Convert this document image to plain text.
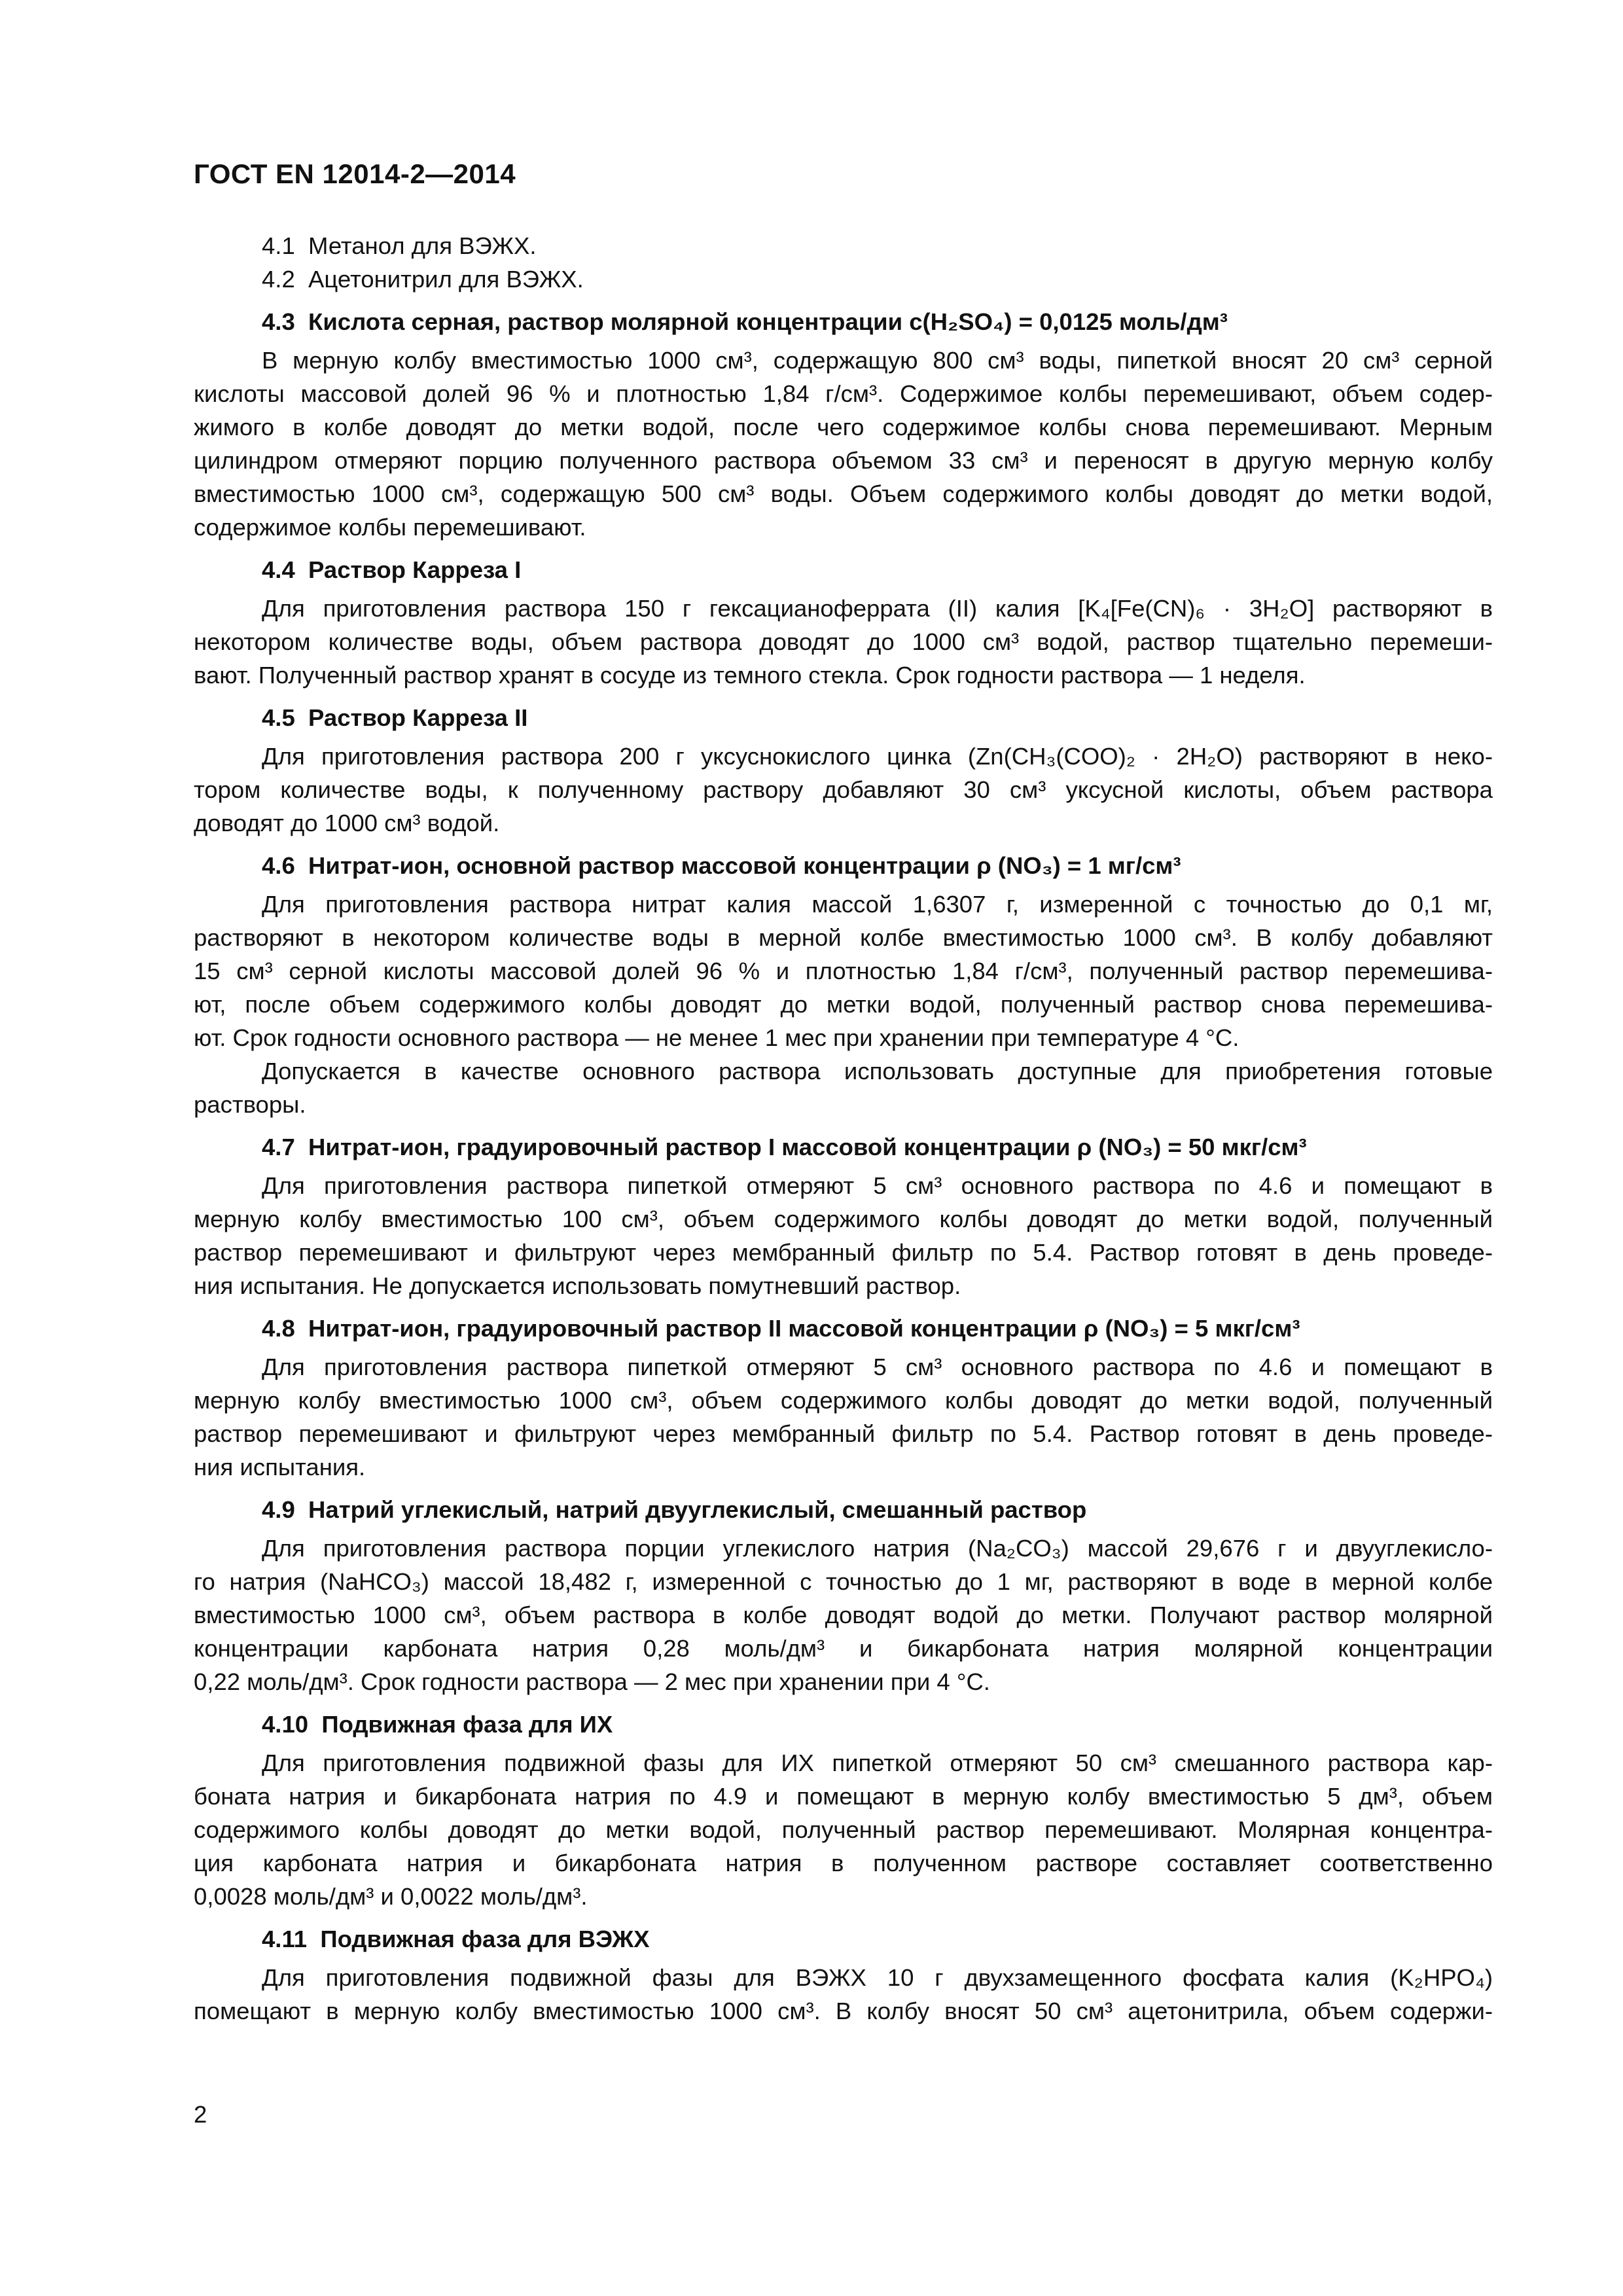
ГОСТ EN 12014-2—2014
4.1  Метанол для ВЭЖХ.
4.2  Ацетонитрил для ВЭЖХ.
4.3 Кислота серная, раствор молярной концентрации c(H₂SO₄) = 0,0125 моль/дм³
В мерную колбу вместимостью 1000 см³, содержащую 800 см³ воды, пипеткой вносят 20 см³ серной
кислоты массовой долей 96 % и плотностью 1,84 г/см³. Содержимое колбы перемешивают, объем содер-
жимого в колбе доводят до метки водой, после чего содержимое колбы снова перемешивают. Мерным
цилиндром отмеряют порцию полученного раствора объемом 33 см³ и переносят в другую мерную колбу
вместимостью 1000 см³, содержащую 500 см³ воды. Объем содержимого колбы доводят до метки водой,
содержимое колбы перемешивают.
4.4 Раствор Карреза I
Для приготовления раствора 150 г гексацианоферрата (II) калия [K₄[Fe(CN)₆ · 3H₂O] растворяют в
некотором количестве воды, объем раствора доводят до 1000 см³ водой, раствор тщательно перемеши-
вают. Полученный раствор хранят в сосуде из темного стекла. Срок годности раствора — 1 неделя.
4.5 Раствор Карреза II
Для приготовления раствора 200 г уксуснокислого цинка (Zn(CH₃(COO)₂ · 2H₂O) растворяют в неко-
тором количестве воды, к полученному раствору добавляют 30 см³ уксусной кислоты, объем раствора
доводят до 1000 см³ водой.
4.6 Нитрат-ион, основной раствор массовой концентрации ρ (NO₃) = 1 мг/см³
Для приготовления раствора нитрат калия массой 1,6307 г, измеренной с точностью до 0,1 мг,
растворяют в некотором количестве воды в мерной колбе вместимостью 1000 см³. В колбу добавляют
15 см³ серной кислоты массовой долей 96 % и плотностью 1,84 г/см³, полученный раствор перемешива-
ют, после объем содержимого колбы доводят до метки водой, полученный раствор снова перемешива-
ют. Срок годности основного раствора — не менее 1 мес при хранении при температуре 4 °С.
Допускается в качестве основного раствора использовать доступные для приобретения готовые
растворы.
4.7 Нитрат-ион, градуировочный раствор I массовой концентрации ρ (NO₃) = 50 мкг/см³
Для приготовления раствора пипеткой отмеряют 5 см³ основного раствора по 4.6 и помещают в
мерную колбу вместимостью 100 см³, объем содержимого колбы доводят до метки водой, полученный
раствор перемешивают и фильтруют через мембранный фильтр по 5.4. Раствор готовят в день проведе-
ния испытания. Не допускается использовать помутневший раствор.
4.8 Нитрат-ион, градуировочный раствор II массовой концентрации ρ (NO₃) = 5 мкг/см³
Для приготовления раствора пипеткой отмеряют 5 см³ основного раствора по 4.6 и помещают в
мерную колбу вместимостью 1000 см³, объем содержимого колбы доводят до метки водой, полученный
раствор перемешивают и фильтруют через мембранный фильтр по 5.4. Раствор готовят в день проведе-
ния испытания.
4.9 Натрий углекислый, натрий двууглекислый, смешанный раствор
Для приготовления раствора порции углекислого натрия (Na₂CO₃) массой 29,676 г и двууглекисло-
го натрия (NaHCO₃) массой 18,482 г, измеренной с точностью до 1 мг, растворяют в воде в мерной колбе
вместимостью 1000 см³, объем раствора в колбе доводят водой до метки. Получают раствор молярной
концентрации карбоната натрия 0,28 моль/дм³ и бикарбоната натрия молярной концентрации
0,22 моль/дм³. Срок годности раствора — 2 мес при хранении при 4 °С.
4.10 Подвижная фаза для ИХ
Для приготовления подвижной фазы для ИХ пипеткой отмеряют 50 см³ смешанного раствора кар-
боната натрия и бикарбоната натрия по 4.9 и помещают в мерную колбу вместимостью 5 дм³, объем
содержимого колбы доводят до метки водой, полученный раствор перемешивают. Молярная концентра-
ция карбоната натрия и бикарбоната натрия в полученном растворе составляет соответственно
0,0028 моль/дм³ и 0,0022 моль/дм³.
4.11 Подвижная фаза для ВЭЖХ
Для приготовления подвижной фазы для ВЭЖХ 10 г двухзамещенного фосфата калия (K₂HPO₄)
помещают в мерную колбу вместимостью 1000 см³. В колбу вносят 50 см³ ацетонитрила, объем содержи-
2
